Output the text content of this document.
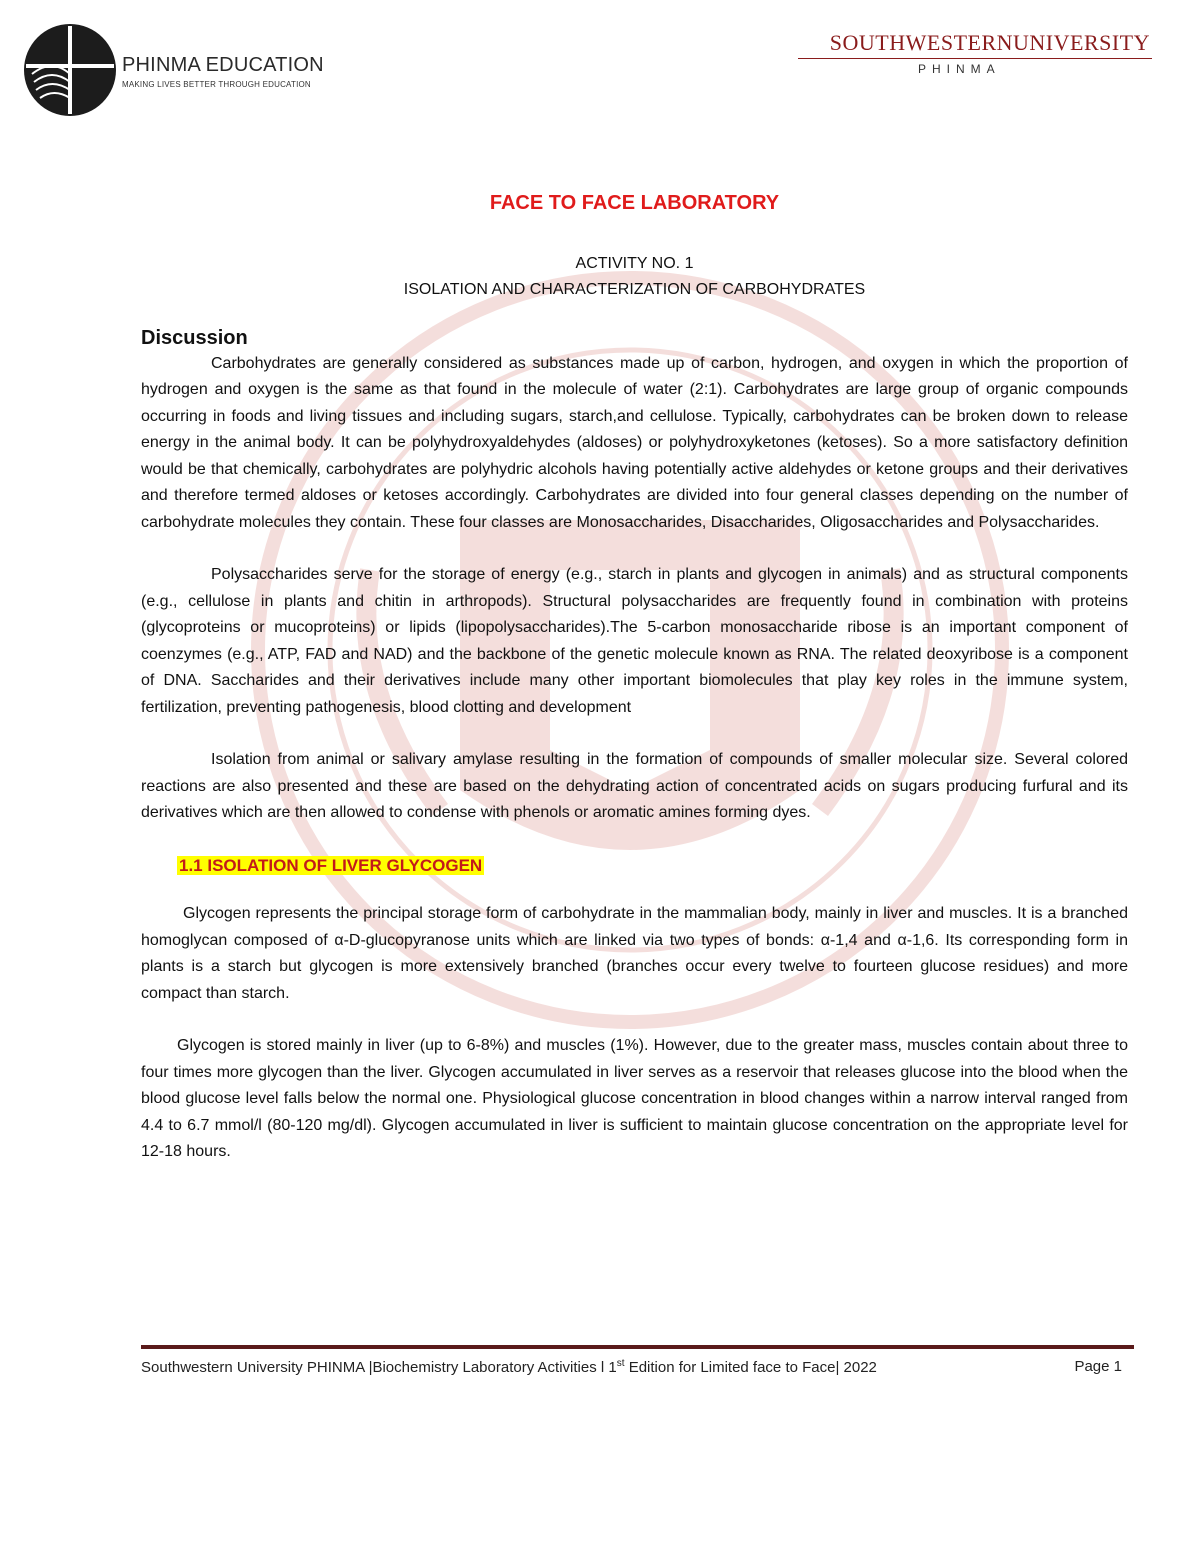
PHINMA EDUCATION
MAKING LIVES BETTER THROUGH EDUCATION
SOUTHWESTERNUNIVERSITY
PHINMA
FACE TO FACE LABORATORY
ACTIVITY NO. 1
ISOLATION AND CHARACTERIZATION OF CARBOHYDRATES
Discussion

Carbohydrates are generally considered as substances made up of carbon, hydrogen, and oxygen in which the proportion of hydrogen and oxygen is the same as that found in the molecule of water (2:1). Carbohydrates are large group of organic compounds occurring in foods and living tissues and including sugars, starch,and cellulose. Typically, carbohydrates can be broken down to release energy in the animal body. It can be polyhydroxyaldehydes (aldoses) or polyhydroxyketones (ketoses). So a more satisfactory definition would be that chemically, carbohydrates are polyhydric alcohols having potentially active aldehydes or ketone groups and their derivatives and therefore termed aldoses or ketoses accordingly. Carbohydrates are divided into four general classes depending on the number of carbohydrate molecules they contain. These four classes are Monosaccharides, Disaccharides, Oligosaccharides and Polysaccharides.

Polysaccharides serve for the storage of energy (e.g., starch in plants and glycogen in animals) and as structural components (e.g., cellulose in plants and chitin in arthropods). Structural polysaccharides are frequently found in combination with proteins (glycoproteins or mucoproteins) or lipids (lipopolysaccharides).The 5-carbon monosaccharide ribose is an important component of coenzymes (e.g., ATP, FAD and NAD) and the backbone of the genetic molecule known as RNA. The related deoxyribose is a component of DNA. Saccharides and their derivatives include many other important biomolecules that play key roles in the immune system, fertilization, preventing pathogenesis, blood clotting and development

Isolation from animal or salivary amylase resulting in the formation of compounds of smaller molecular size. Several colored reactions are also presented and these are based on the dehydrating action of concentrated acids on sugars producing furfural and its derivatives which are then allowed to condense with phenols or aromatic amines forming dyes.

1.1 ISOLATION OF LIVER GLYCOGEN

Glycogen represents the principal storage form of carbohydrate in the mammalian body, mainly in liver and muscles. It is a branched homoglycan composed of α-D-glucopyranose units which are linked via two types of bonds: α-1,4 and α-1,6. Its corresponding form in plants is a starch but glycogen is more extensively branched (branches occur every twelve to fourteen glucose residues) and more compact than starch.

Glycogen is stored mainly in liver (up to 6-8%) and muscles (1%). However, due to the greater mass, muscles contain about three to four times more glycogen than the liver. Glycogen accumulated in liver serves as a reservoir that releases glucose into the blood when the blood glucose level falls below the normal one. Physiological glucose concentration in blood changes within a narrow interval ranged from 4.4 to 6.7 mmol/l (80-120 mg/dl). Glycogen accumulated in liver is sufficient to maintain glucose concentration on the appropriate level for 12-18 hours.

Southwestern University PHINMA |Biochemistry Laboratory Activities l 1st Edition for Limited face to Face| 2022	Page 1
